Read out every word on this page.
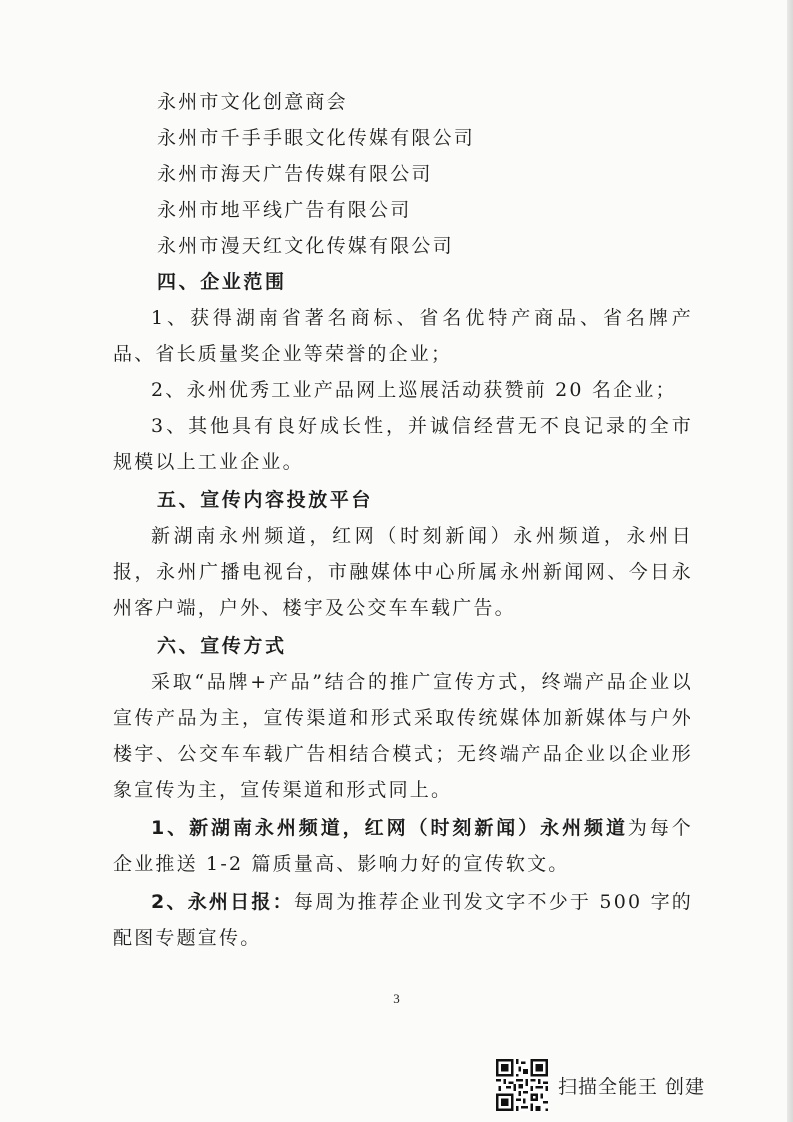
永州市文化创意商会
永州市千手手眼文化传媒有限公司
永州市海天广告传媒有限公司
永州市地平线广告有限公司
永州市漫天红文化传媒有限公司
四、企业范围
1、获得湖南省著名商标、省名优特产商品、省名牌产品、省长质量奖企业等荣誉的企业；
2、永州优秀工业产品网上巡展活动获赞前 20 名企业；
3、其他具有良好成长性，并诚信经营无不良记录的全市规模以上工业企业。
五、宣传内容投放平台
新湖南永州频道，红网（时刻新闻）永州频道，永州日报，永州广播电视台，市融媒体中心所属永州新闻网、今日永州客户端，户外、楼宇及公交车车载广告。
六、宣传方式
采取“品牌+产品”结合的推广宣传方式，终端产品企业以宣传产品为主，宣传渠道和形式采取传统媒体加新媒体与户外楼宇、公交车车载广告相结合模式；无终端产品企业以企业形象宣传为主，宣传渠道和形式同上。
1、新湖南永州频道，红网（时刻新闻）永州频道为每个企业推送 1-2 篇质量高、影响力好的宣传软文。
2、永州日报：每周为推荐企业刊发文字不少于 500 字的配图专题宣传。
3
扫描全能王 创建
